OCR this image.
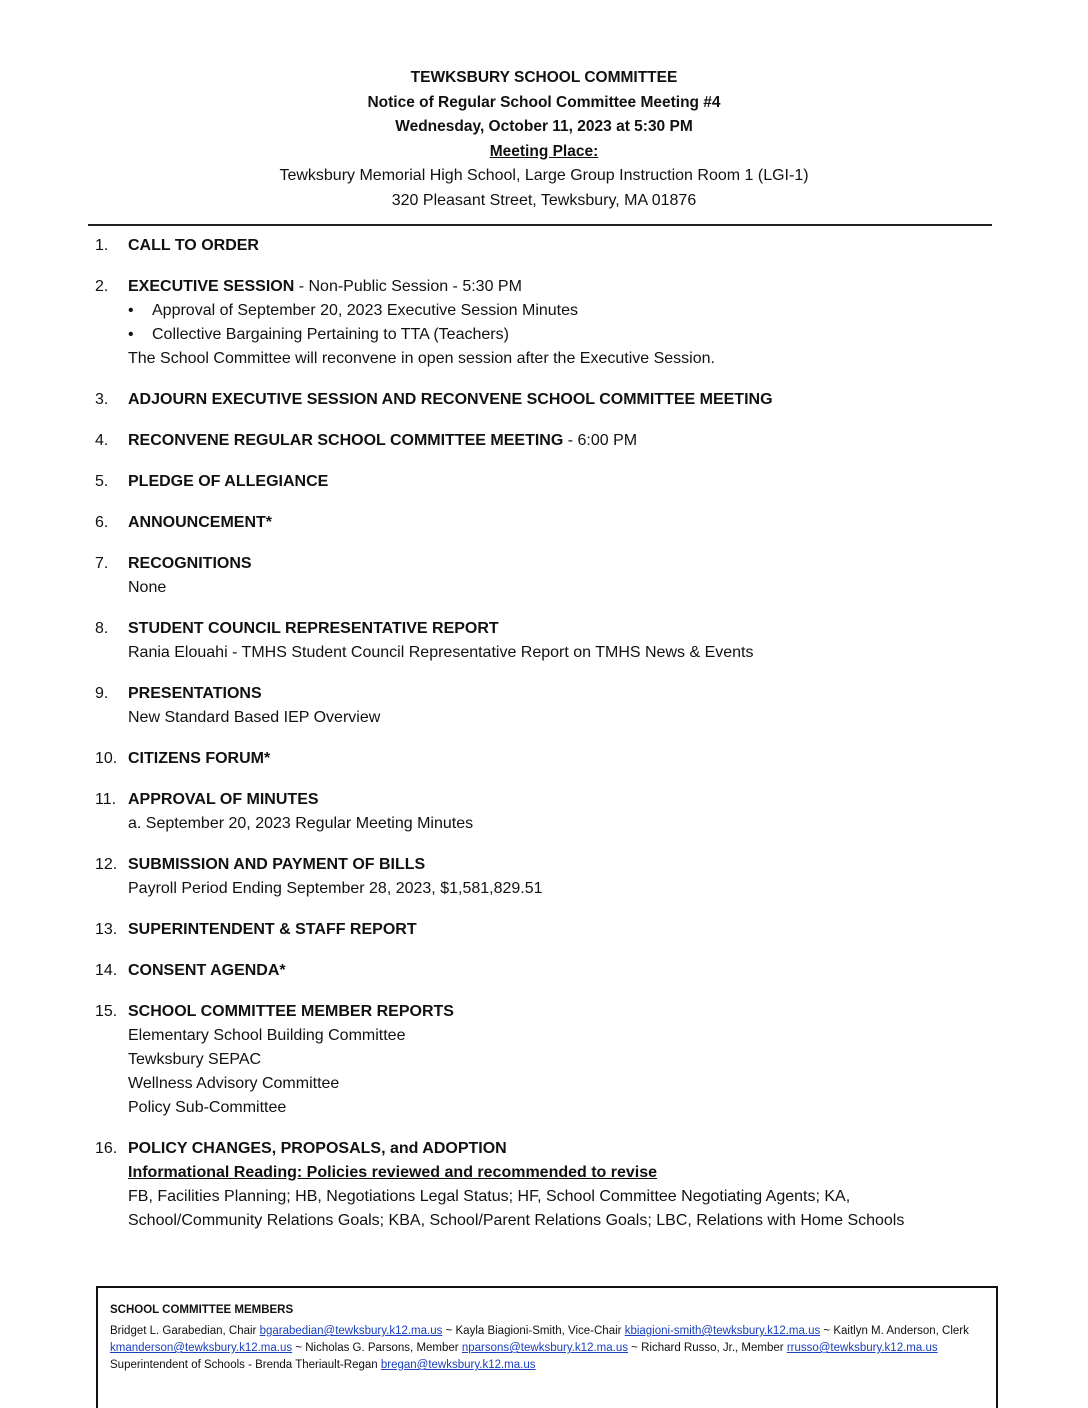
TEWKSBURY SCHOOL COMMITTEE
Notice of Regular School Committee Meeting #4
Wednesday, October 11, 2023 at 5:30 PM
Meeting Place:
Tewksbury Memorial High School, Large Group Instruction Room 1 (LGI-1)
320 Pleasant Street, Tewksbury, MA 01876
1. CALL TO ORDER
2. EXECUTIVE SESSION - Non-Public Session - 5:30 PM
• Approval of September 20, 2023 Executive Session Minutes
• Collective Bargaining Pertaining to TTA (Teachers)
The School Committee will reconvene in open session after the Executive Session.
3. ADJOURN EXECUTIVE SESSION AND RECONVENE SCHOOL COMMITTEE MEETING
4. RECONVENE REGULAR SCHOOL COMMITTEE MEETING - 6:00 PM
5. PLEDGE OF ALLEGIANCE
6. ANNOUNCEMENT*
7. RECOGNITIONS
None
8. STUDENT COUNCIL REPRESENTATIVE REPORT
Rania Elouahi - TMHS Student Council Representative Report on TMHS News & Events
9. PRESENTATIONS
New Standard Based IEP Overview
10. CITIZENS FORUM*
11. APPROVAL OF MINUTES
a. September 20, 2023 Regular Meeting Minutes
12. SUBMISSION AND PAYMENT OF BILLS
Payroll Period Ending September 28, 2023, $1,581,829.51
13. SUPERINTENDENT & STAFF REPORT
14. CONSENT AGENDA*
15. SCHOOL COMMITTEE MEMBER REPORTS
Elementary School Building Committee
Tewksbury SEPAC
Wellness Advisory Committee
Policy Sub-Committee
16. POLICY CHANGES, PROPOSALS, and ADOPTION
Informational Reading: Policies reviewed and recommended to revise
FB, Facilities Planning; HB, Negotiations Legal Status; HF, School Committee Negotiating Agents; KA, School/Community Relations Goals; KBA, School/Parent Relations Goals; LBC, Relations with Home Schools
SCHOOL COMMITTEE MEMBERS
Bridget L. Garabedian, Chair bgarabedian@tewksbury.k12.ma.us ~ Kayla Biagioni-Smith, Vice-Chair kbiagioni-smith@tewksbury.k12.ma.us ~ Kaitlyn M. Anderson, Clerk
kmanderson@tewksbury.k12.ma.us ~ Nicholas G. Parsons, Member nparsons@tewksbury.k12.ma.us ~ Richard Russo, Jr., Member rrusso@tewksbury.k12.ma.us
Superintendent of Schools - Brenda Theriault-Regan bregan@tewksbury.k12.ma.us
